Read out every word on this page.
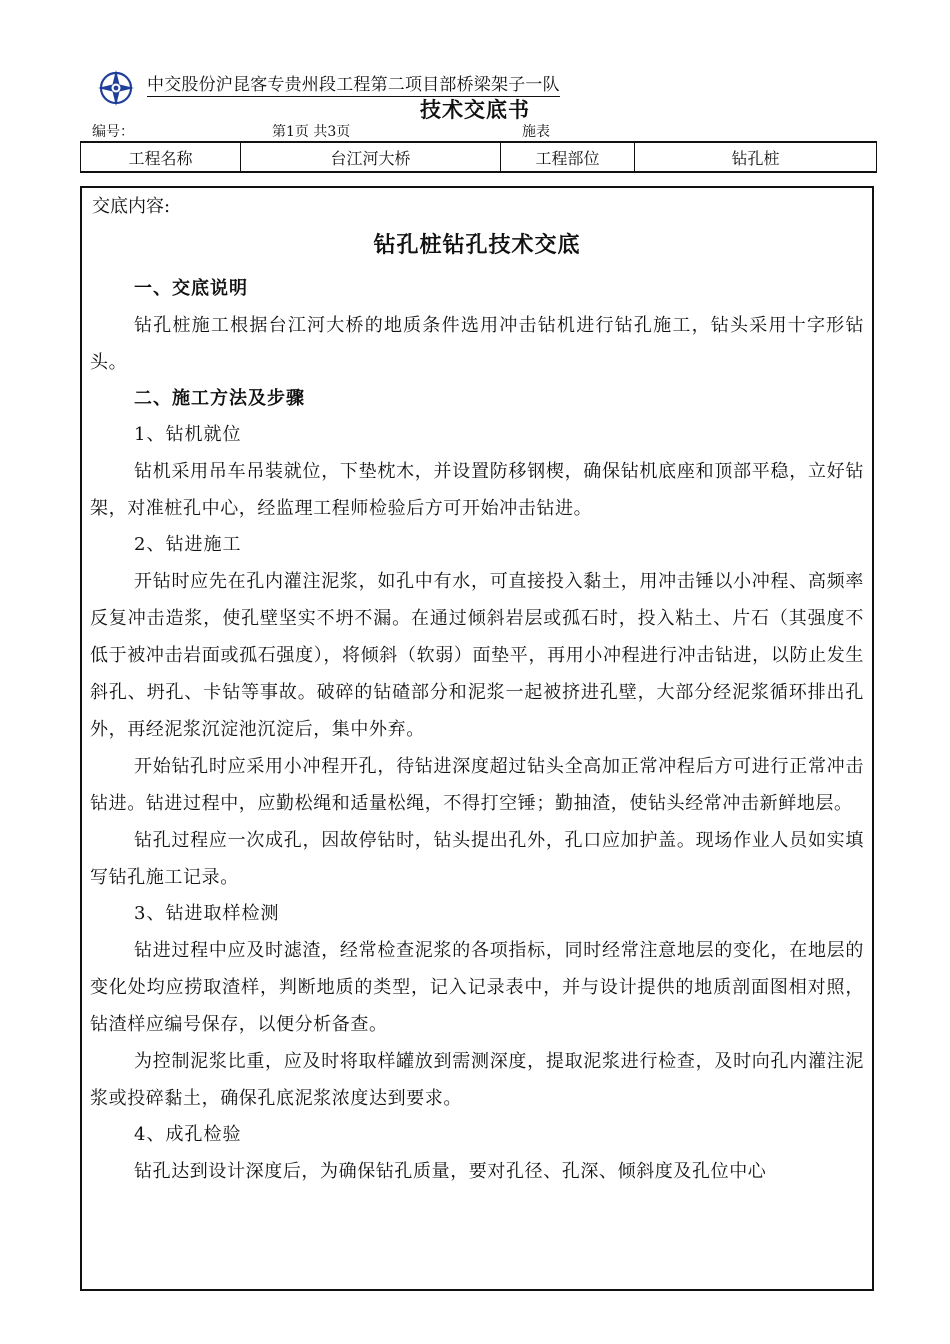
中交股份沪昆客专贵州段工程第二项目部桥梁架子一队
技术交底书
编号：	第1页 共3页	施表
工程名称	台江河大桥	工程部位	钻孔桩
交底内容:
钻孔桩钻孔技术交底
一、交底说明

钻孔桩施工根据台江河大桥的地质条件选用冲击钻机进行钻孔施工，钻头采用十字形钻头。

二、施工方法及步骤
1、钻机就位

钻机采用吊车吊装就位，下垫枕木，并设置防移钢楔，确保钻机底座和顶部平稳，立好钻架，对准桩孔中心，经监理工程师检验后方可开始冲击钻进。

2、钻进施工

开钻时应先在孔内灌注泥浆，如孔中有水，可直接投入黏土，用冲击锤以小冲程、高频率反复冲击造浆，使孔壁坚实不坍不漏。在通过倾斜岩层或孤石时，投入粘土、片石（其强度不低于被冲击岩面或孤石强度），将倾斜（软弱）面垫平，再用小冲程进行冲击钻进，以防止发生斜孔、坍孔、卡钻等事故。破碎的钻碴部分和泥浆一起被挤进孔壁，大部分经泥浆循环排出孔外，再经泥浆沉淀池沉淀后，集中外弃。

开始钻孔时应采用小冲程开孔，待钻进深度超过钻头全高加正常冲程后方可进行正常冲击钻进。钻进过程中，应勤松绳和适量松绳，不得打空锤；勤抽渣，使钻头经常冲击新鲜地层。

钻孔过程应一次成孔，因故停钻时，钻头提出孔外，孔口应加护盖。现场作业人员如实填写钻孔施工记录。

3、钻进取样检测

钻进过程中应及时滤渣，经常检查泥浆的各项指标，同时经常注意地层的变化，在地层的变化处均应捞取渣样，判断地质的类型，记入记录表中，并与设计提供的地质剖面图相对照，钻渣样应编号保存，以便分析备查。

为控制泥浆比重，应及时将取样罐放到需测深度，提取泥浆进行检查，及时向孔内灌注泥浆或投碎黏土，确保孔底泥浆浓度达到要求。

4、成孔检验

钻孔达到设计深度后，为确保钻孔质量，要对孔径、孔深、倾斜度及孔位中心
